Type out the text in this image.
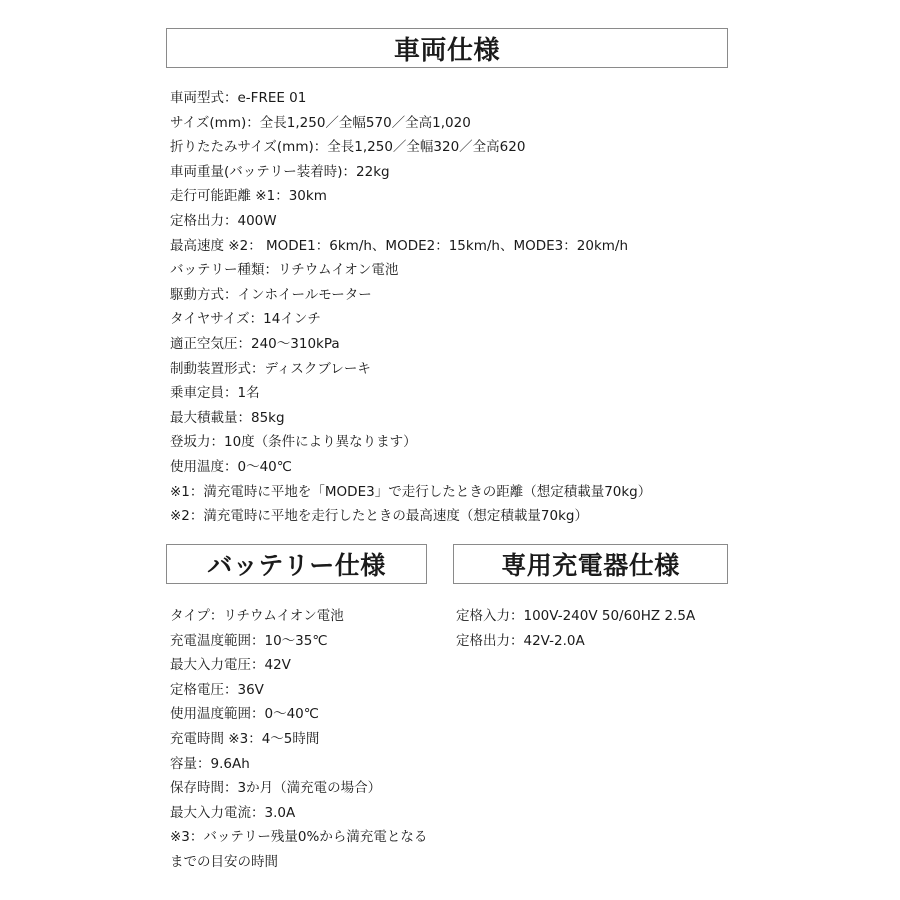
車両仕様
車両型式：e-FREE 01
サイズ(mm)：全長1,250／全幅570／全高1,020
折りたたみサイズ(mm)：全長1,250／全幅320／全高620
車両重量(バッテリー装着時)：22kg
走行可能距離 ※1：30km
定格出力：400W
最高速度 ※2： MODE1：6km/h、MODE2：15km/h、MODE3：20km/h
バッテリー種類：リチウムイオン電池
駆動方式：インホイールモーター
タイヤサイズ：14インチ
適正空気圧：240〜310kPa
制動装置形式：ディスクブレーキ
乗車定員：1名
最大積載量：85kg
登坂力：10度（条件により異なります）
使用温度：0〜40℃
※1：満充電時に平地を「MODE3」で走行したときの距離（想定積載量70kg）
※2：満充電時に平地を走行したときの最高速度（想定積載量70kg）
バッテリー仕様
タイプ：リチウムイオン電池
充電温度範囲：10〜35℃
最大入力電圧：42V
定格電圧：36V
使用温度範囲：0〜40℃
充電時間 ※3：4〜5時間
容量：9.6Ah
保存時間：3か月（満充電の場合）
最大入力電流：3.0A
※3：バッテリー残量0%から満充電となる
までの目安の時間
専用充電器仕様
定格入力：100V-240V 50/60HZ 2.5A
定格出力：42V-2.0A
